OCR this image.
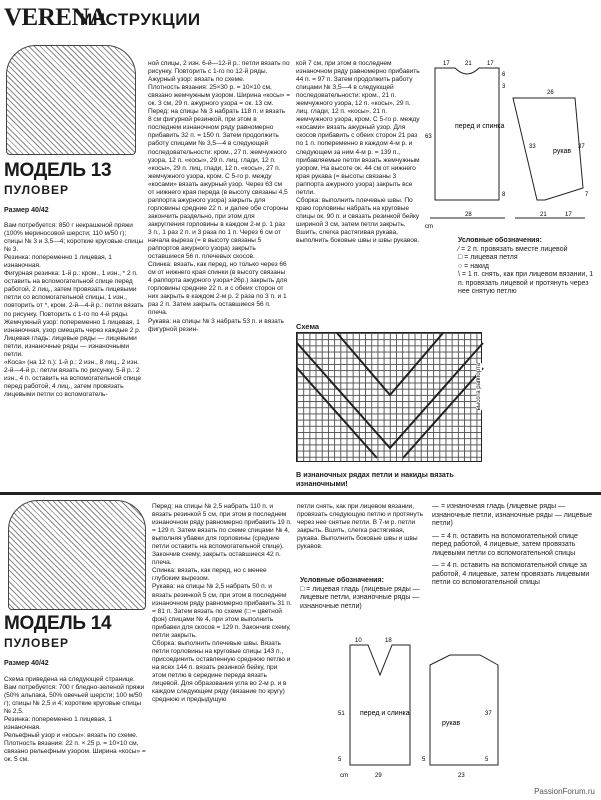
VERENA
ИНСТРУКЦИИ
МОДЕЛЬ 13
ПУЛОВЕР
Размер 40/42
Вам потребуется: 850 г некрашеной пряжи (100% мериносовой шерсти; 110 м/50 г); спицы № 3 и 3,5—4; короткие круговые спицы № 3.
Резинка: попеременно 1 лицевая, 1 изнаночная.
Фигурная резинка: 1-й р.: кром., 1 изн., * 2 п. оставить на вспомогательной спице перед работой, 2 лиц., затем провязать лицевыми петли со вспомогательной спицы, 1 изн., повторить от *, кром. 2-й—4-й р.: петли вязать по рисунку. Повторить с 1-го по 4-й ряды.
Жемчужный узор: попеременно 1 лицевая, 1 изнаночная, узор смещать через каждые 2 р.
Лицевая гладь: лицевые ряды — лицевыми петли, изнаночные ряды — изнаночными петли.
«Коса» (на 12 п.): 1-й р.: 2 изн., 8 лиц., 2 изн. 2-й—4-й р.: петли вязать по рисунку. 5-й р.: 2 изн., 4 п. оставить на вспомогательной спице перед работой, 4 лиц., затем провязать лицевыми петли со вспомогатель-
ной спицы, 2 изн. 6-й—12-й р.: петли вязать по рисунку. Повторить с 1-го по 12-й ряды.
Ажурный узор: вязать по схеме.
Плотность вязания: 25×30 р. = 10×10 см, связано жемчужным узором. Ширина «косы» = ок. 3 см, 29 п. ажурного узора = ок. 13 см.
Перед: на спицы № 3 набрать 118 п. и вязать 8 см фигурной резинкой, при этом в последнем изнаночном ряду равномерно прибавить 32 п. = 150 п. Затем продолжить работу спицами № 3,5—4 в следующей последовательности: кром., 27 п. жемчужного узора, 12 п. «косы», 29 п. лиц. глади, 12 п. «косы», 29 п. лиц. глади, 12 п. «косы», 27 п. жемчужного узора, кром. С 5-го р. между «косами» вязать ажурный узор. Через 63 см от нижнего края переда (в высоту связаны 4,5 раппорта ажурного узора) закрыть для горловины средние 22 п. и далее обе стороны закончить раздельно, при этом для закругления горловины в каждом 2-м р. 1 раз 3 п., 1 раз 2 п. и 3 раза по 1 п. Через 6 см от начала выреза (= в высоту связаны 5 раппортов ажурного узора) закрыть оставшиеся 56 п. плечевых скосов.
Спинка: вязать, как перед, но только через 66 см от нижнего края спинки (в высоту связаны 4 раппорта ажурного узора+26р.) закрыть для горловины средние 22 п. и с обеих сторон от них закрыть в каждом 2-м р. 2 раза по 3 п. и 1 раз 2 п. Затем закрыть оставшиеся 56 п. плеча.
Рукава: на спицы № 3 набрать 53 п. и вязать фигурной резин-
кой 7 см, при этом в последнем изнаночном ряду равномерно прибавить 44 п. = 97 п. Затем продолжить работу спицами № 3,5—4 в следующей последовательности: кром., 21 п. жемчужного узора, 12 п. «косы», 29 п. лиц. глади, 12 п. «косы», 21 п. жемчужного узора, кром. С 5-го р. между «косами» вязать ажурный узор. Для скосов прибавить с обеих сторон 21 раз по 1 п. попеременно в каждом 4-м р. и следующем за ним 4-м р. = 139 п., прибавляемые петли вязать жемчужным узором. На высоте ок. 44 см от нижнего края рукава (= высоты связаны 3 раппорта ажурного узора) закрыть все петли.
Сборка: выполнить плечевые швы. По краю горловины набрать на круговые спицы ок. 90 п. и связать резинкой бейку шириной 3 см, затем петли закрыть. Вшить, слегка растягивая рукава, выполнить боковые швы и швы рукавов.
17	21	17
перед и спинка
63
3
6
8
28
cm
рукав
26
33	37
21	17
7
Условные обозначения:
⁄ = 2 п. провязать вместе лицевой
□ = лицевая петля
○ = накид
\ = 1 п. снять, как при лицевом вязании, 1 п. провязать лицевой и протянуть через нее снятую петлю
Схема
высота раппорта
В изнаночных рядах петли и накиды вязать изнаночными!
МОДЕЛЬ 14
ПУЛОВЕР
Размер 40/42
Схема приведена на следующей странице.
Вам потребуется: 700 г бледно-зеленой пряжи (50% альпака, 50% овечьей шерсти; 100 м/50 г); спицы № 2,5 и 4; короткие круговые спицы № 2,5.
Резинка: попеременно 1 лицевая, 1 изнаночная.
Рельефный узор и «косы»: вязать по схеме.
Плотность вязания: 22 п. × 25 р. = 10×10 см, связано рельефным узором. Ширина «косы» = ок. 5 см.
Перед: на спицы № 2,5 набрать 110 п. и вязать резинкой 5 см, при этом в последнем изнаночном ряду равномерно прибавить 19 п. = 129 п. Затем вязать по схеме спицами № 4, выполняя убавки для горловины (средние петли оставить на вспомогательной спице). Закончив схему, закрыть оставшиеся 42 п. плеча.
Спинка: вязать, как перед, но с менее глубоким вырезом.
Рукава: на спицы № 2,5 набрать 50 п. и вязать резинкой 5 см, при этом в последнем изнаночном ряду равномерно прибавить 31 п. = 81 п. Затем вязать по схеме (□ = цветной фон) спицами № 4, при этом выполнить прибавки для скосов = 129 п. Закончив схему, петли закрыть.
Сборка: выполнить плечевые швы. Вязать петли горловины на круговые спицы 143 п., присоединить оставленную среднюю петлю и на всех 144 п. вязать резинкой бейку, при этом петлю в середине переда вязать лицевой. Для образования угла во 2-м р. и в каждом следующем ряду (вязание по кругу) среднюю и предыдущую
петли снять, как при лицевом вязании, провязать следующую петлю и протянуть через нее снятые петли. В 7-м р. петли закрыть. Вшить, слегка растягивая, рукава. Выполнить боковые швы и швы рукавов.
Условные обозначения:
□ = лицевая гладь (лицевые ряды — лицевые петли, изнаночные ряды — изнаночные петли)
— = изнаночная гладь (лицевые ряды — изнаночные петли, изнаночные ряды — лицевые петли)
— = 4 п. оставить на вспомогательной спице перед работой, 4 лицевые, затем провязать лицевыми петли со вспомогательной спицы
— = 4 п. оставить на вспомогательной спице за работой, 4 лицевые, затем провязать лицевыми петли со вспомогательной спицы
10	18
перед и слинка
51
5
29
cm
рукав
37
5
5
23
PassionForum.ru
